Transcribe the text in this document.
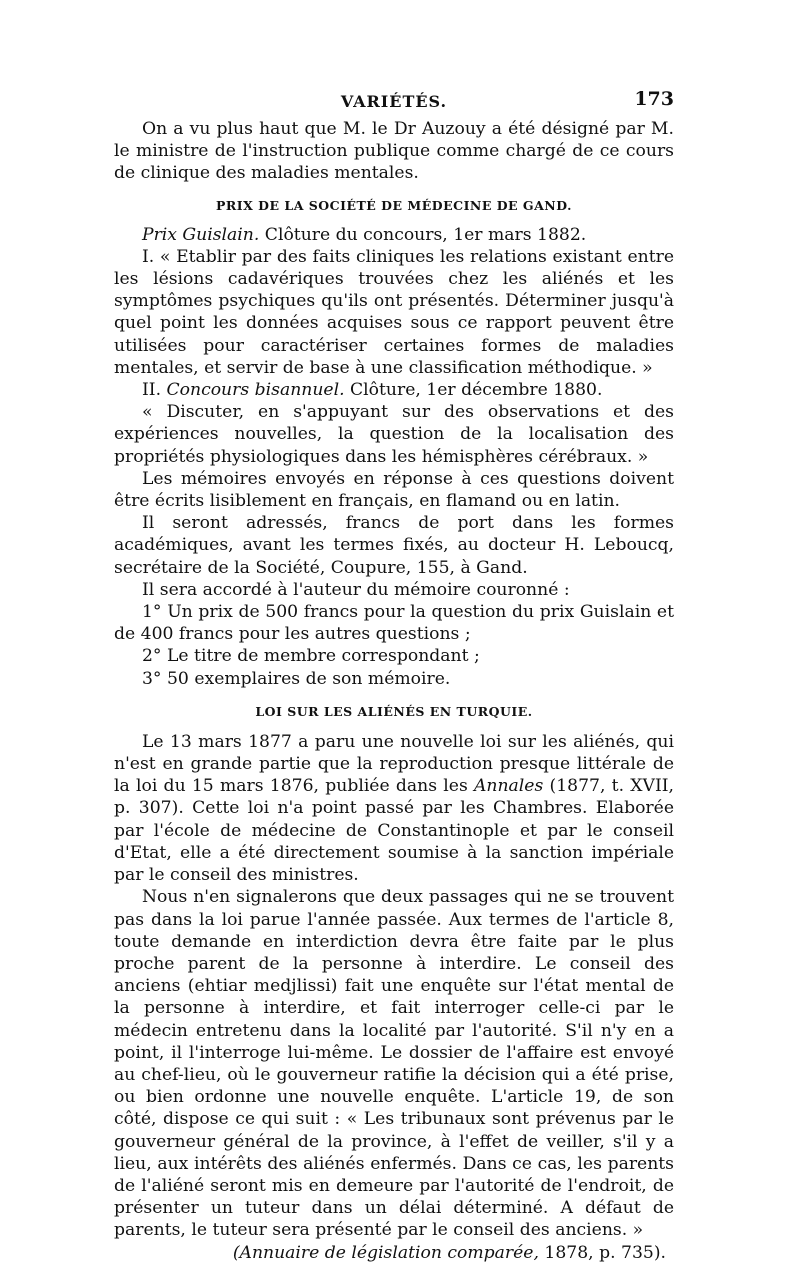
VARIÉTÉS.	173

On a vu plus haut que M. le Dr Auzouy a été désigné par M. le ministre de l'instruction publique comme chargé de ce cours de clinique des maladies mentales.

PRIX DE LA SOCIÉTÉ DE MÉDECINE DE GAND.

Prix Guislain. Clôture du concours, 1er mars 1882.

I. « Etablir par des faits cliniques les relations existant entre les lésions cadavériques trouvées chez les aliénés et les symptômes psychiques qu'ils ont présentés. Déterminer jusqu'à quel point les données acquises sous ce rapport peuvent être utilisées pour caractériser certaines formes de maladies mentales, et servir de base à une classification méthodique. »

II. Concours bisannuel. Clôture, 1er décembre 1880.

« Discuter, en s'appuyant sur des observations et des expériences nouvelles, la question de la localisation des propriétés physiologiques dans les hémisphères cérébraux. »

Les mémoires envoyés en réponse à ces questions doivent être écrits lisiblement en français, en flamand ou en latin.

Il seront adressés, francs de port dans les formes académiques, avant les termes fixés, au docteur H. Leboucq, secrétaire de la Société, Coupure, 155, à Gand.

Il sera accordé à l'auteur du mémoire couronné :

1° Un prix de 500 francs pour la question du prix Guislain et de 400 francs pour les autres questions ;

2° Le titre de membre correspondant ;

3° 50 exemplaires de son mémoire.

LOI SUR LES ALIÉNÉS EN TURQUIE.

Le 13 mars 1877 a paru une nouvelle loi sur les aliénés, qui n'est en grande partie que la reproduction presque littérale de la loi du 15 mars 1876, publiée dans les Annales (1877, t. XVII, p. 307). Cette loi n'a point passé par les Chambres. Elaborée par l'école de médecine de Constantinople et par le conseil d'Etat, elle a été directement soumise à la sanction impériale par le conseil des ministres.

Nous n'en signalerons que deux passages qui ne se trouvent pas dans la loi parue l'année passée. Aux termes de l'article 8, toute demande en interdiction devra être faite par le plus proche parent de la personne à interdire. Le conseil des anciens (ehtiar medjlissi) fait une enquête sur l'état mental de la personne à interdire, et fait interroger celle-ci par le médecin entretenu dans la localité par l'autorité. S'il n'y en a point, il l'interroge lui-même. Le dossier de l'affaire est envoyé au chef-lieu, où le gouverneur ratifie la décision qui a été prise, ou bien ordonne une nouvelle enquête. L'article 19, de son côté, dispose ce qui suit : « Les tribunaux sont prévenus par le gouverneur général de la province, à l'effet de veiller, s'il y a lieu, aux intérêts des aliénés enfermés. Dans ce cas, les parents de l'aliéné seront mis en demeure par l'autorité de l'endroit, de présenter un tuteur dans un délai déterminé. A défaut de parents, le tuteur sera présenté par le conseil des anciens. »

(Annuaire de législation comparée, 1878, p. 735).
